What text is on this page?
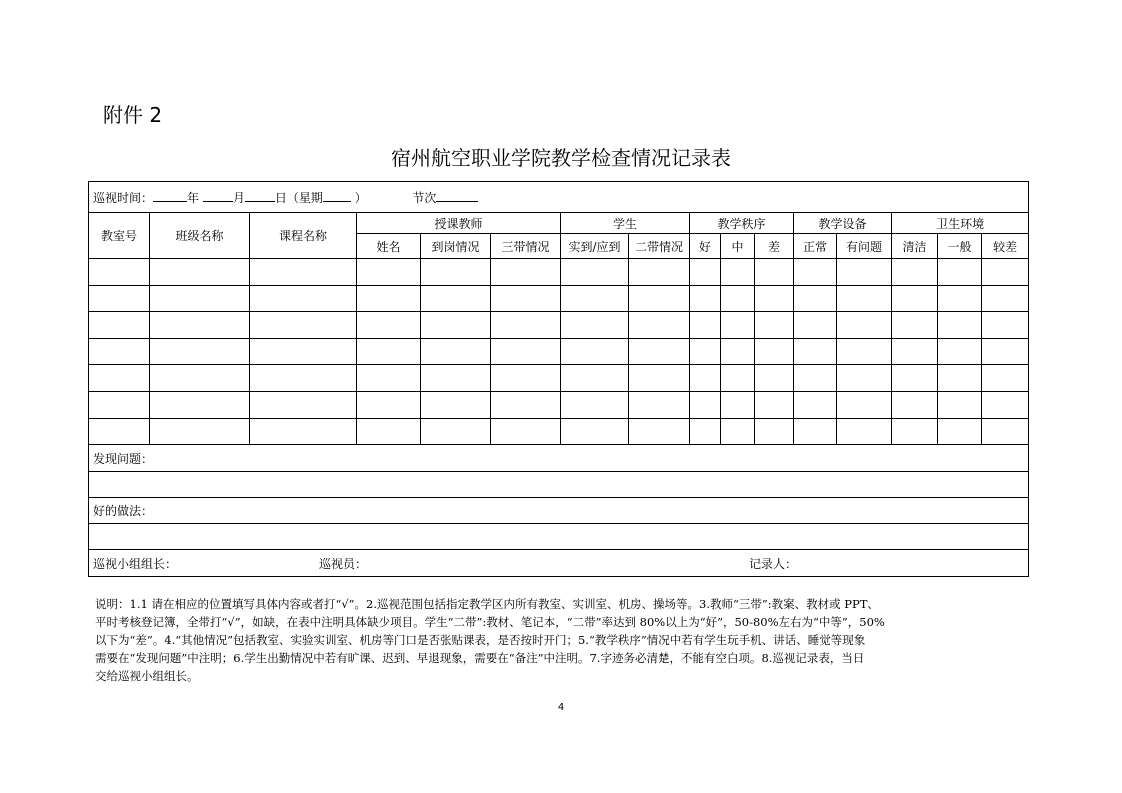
附件 2

宿州航空职业学院教学检查情况记录表
巡视时间： 年 月 日（星期 ） 节次															
教室号	班级名称	课程名称	授课教师			学生		教学秩序			教学设备		卫生环境		
			姓名	到岗情况	三带情况	实到/应到	二带情况	好	中	差	正常	有问题	清洁	一般	较差

发现问题：															

好的做法：															

巡视小组组长： 巡视员： 记录人：															

说明：1.1 请在相应的位置填写具体内容或者打“√”。2.巡视范围包括指定教学区内所有教室、实训室、机房、操场等。3.教师“三带”:教案、教材或 PPT、
平时考核登记簿，全带打“√”，如缺，在表中注明具体缺少项目。学生“二带”:教材、笔记本，“二带”率达到 80%以上为“好”，50-80%左右为“中等”，50%
以下为“差”。4.“其他情况”包括教室、实验实训室、机房等门口是否张贴课表，是否按时开门；5.“教学秩序”情况中若有学生玩手机、讲话、睡觉等现象
需要在“发现问题”中注明；6.学生出勤情况中若有旷课、迟到、早退现象，需要在“备注”中注明。7.字迹务必清楚，不能有空白项。8.巡视记录表，当日
交给巡视小组组长。

4
